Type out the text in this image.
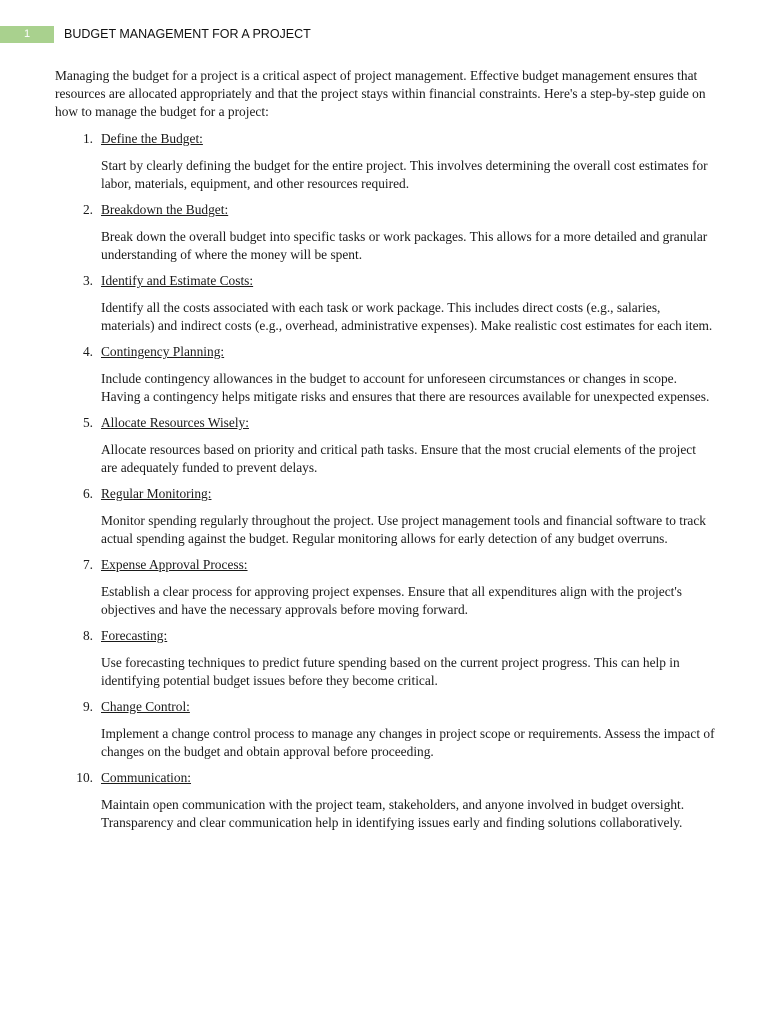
1	BUDGET MANAGEMENT FOR A PROJECT

Managing the budget for a project is a critical aspect of project management. Effective budget management ensures that resources are allocated appropriately and that the project stays within financial constraints. Here's a step-by-step guide on how to manage the budget for a project:

1. Define the Budget:
Start by clearly defining the budget for the entire project. This involves determining the overall cost estimates for labor, materials, equipment, and other resources required.
2. Breakdown the Budget:
Break down the overall budget into specific tasks or work packages. This allows for a more detailed and granular understanding of where the money will be spent.
3. Identify and Estimate Costs:
Identify all the costs associated with each task or work package. This includes direct costs (e.g., salaries, materials) and indirect costs (e.g., overhead, administrative expenses). Make realistic cost estimates for each item.
4. Contingency Planning:
Include contingency allowances in the budget to account for unforeseen circumstances or changes in scope. Having a contingency helps mitigate risks and ensures that there are resources available for unexpected expenses.
5. Allocate Resources Wisely:
Allocate resources based on priority and critical path tasks. Ensure that the most crucial elements of the project are adequately funded to prevent delays.
6. Regular Monitoring:
Monitor spending regularly throughout the project. Use project management tools and financial software to track actual spending against the budget. Regular monitoring allows for early detection of any budget overruns.
7. Expense Approval Process:
Establish a clear process for approving project expenses. Ensure that all expenditures align with the project's objectives and have the necessary approvals before moving forward.
8. Forecasting:
Use forecasting techniques to predict future spending based on the current project progress. This can help in identifying potential budget issues before they become critical.
9. Change Control:
Implement a change control process to manage any changes in project scope or requirements. Assess the impact of changes on the budget and obtain approval before proceeding.
10. Communication:
Maintain open communication with the project team, stakeholders, and anyone involved in budget oversight. Transparency and clear communication help in identifying issues early and finding solutions collaboratively.
